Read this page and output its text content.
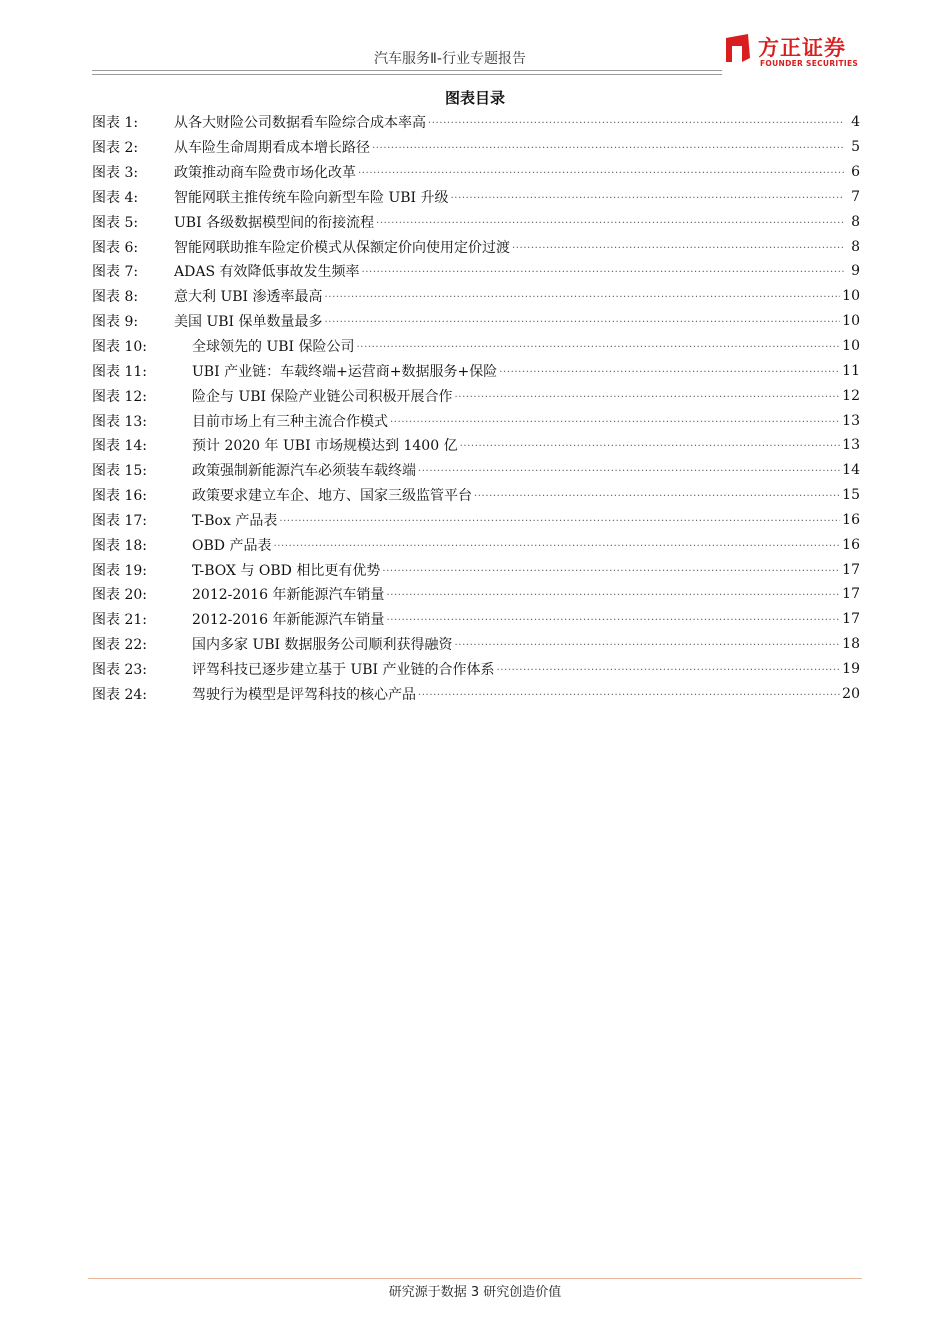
汽车服务Ⅱ-行业专题报告	方正证券
FOUNDER SECURITIES
图表目录
图表 1:	从各大财险公司数据看车险综合成本率高 .....	4
图表 2:	从车险生命周期看成本增长路径 .....	5
图表 3:	政策推动商车险费市场化改革 .....	6
图表 4:	智能网联主推传统车险向新型车险 UBI 升级 .....	7
图表 5:	UBI 各级数据模型间的衔接流程 .....	8
图表 6:	智能网联助推车险定价模式从保额定价向使用定价过渡 .....	8
图表 7:	ADAS 有效降低事故发生频率 .....	9
图表 8:	意大利 UBI 渗透率最高 .....	10
图表 9:	美国 UBI 保单数量最多 .....	10
图表 10:	全球领先的 UBI 保险公司 .....	10
图表 11:	UBI 产业链：车载终端+运营商+数据服务+保险 .....	11
图表 12:	险企与 UBI 保险产业链公司积极开展合作 .....	12
图表 13:	目前市场上有三种主流合作模式 .....	13
图表 14:	预计 2020 年 UBI 市场规模达到 1400 亿 .....	13
图表 15:	政策强制新能源汽车必须装车载终端 .....	14
图表 16:	政策要求建立车企、地方、国家三级监管平台 .....	15
图表 17:	T-Box 产品表 .....	16
图表 18:	OBD 产品表 .....	16
图表 19:	T-BOX 与 OBD 相比更有优势 .....	17
图表 20:	2012-2016 年新能源汽车销量 .....	17
图表 21:	2012-2016 年新能源汽车销量 .....	17
图表 22:	国内多家 UBI 数据服务公司顺利获得融资 .....	18
图表 23:	评驾科技已逐步建立基于 UBI 产业链的合作体系 .....	19
图表 24:	驾驶行为模型是评驾科技的核心产品 .....	20
研究源于数据 3 研究创造价值
